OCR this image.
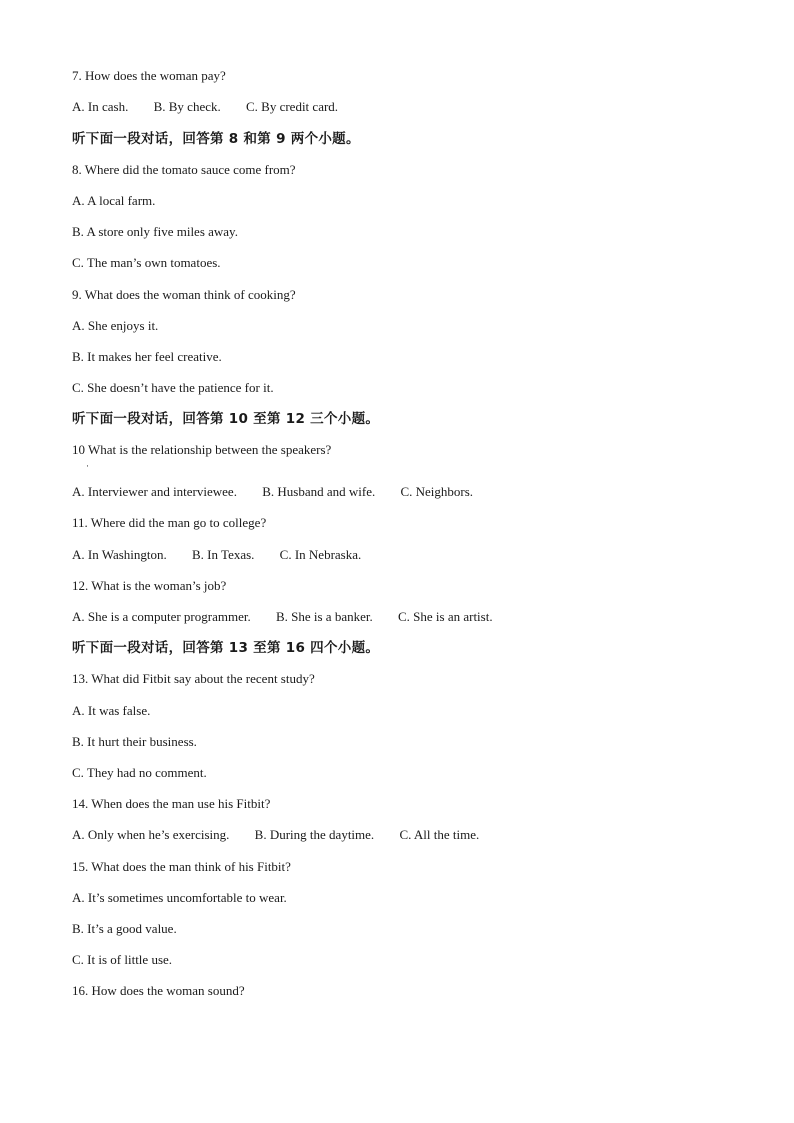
7. How does the woman pay?
A. In cash. B. By check. C. By credit card.
听下面一段对话，回答第 8 和第 9 两个小题。
8. Where did the tomato sauce come from?
A. A local farm.
B. A store only five miles away.
C. The man’s own tomatoes.
9. What does the woman think of cooking?
A. She enjoys it.
B. It makes her feel creative.
C. She doesn’t have the patience for it.
听下面一段对话，回答第 10 至第 12 三个小题。
10 What is the relationship between the speakers?
·
A. Interviewer and interviewee. B. Husband and wife. C. Neighbors.
11. Where did the man go to college?
A. In Washington. B. In Texas. C. In Nebraska.
12. What is the woman’s job?
A. She is a computer programmer. B. She is a banker. C. She is an artist.
听下面一段对话，回答第 13 至第 16 四个小题。
13. What did Fitbit say about the recent study?
A. It was false.
B. It hurt their business.
C. They had no comment.
14. When does the man use his Fitbit?
A. Only when he’s exercising. B. During the daytime. C. All the time.
15. What does the man think of his Fitbit?
A. It’s sometimes uncomfortable to wear.
B. It’s a good value.
C. It is of little use.
16. How does the woman sound?
